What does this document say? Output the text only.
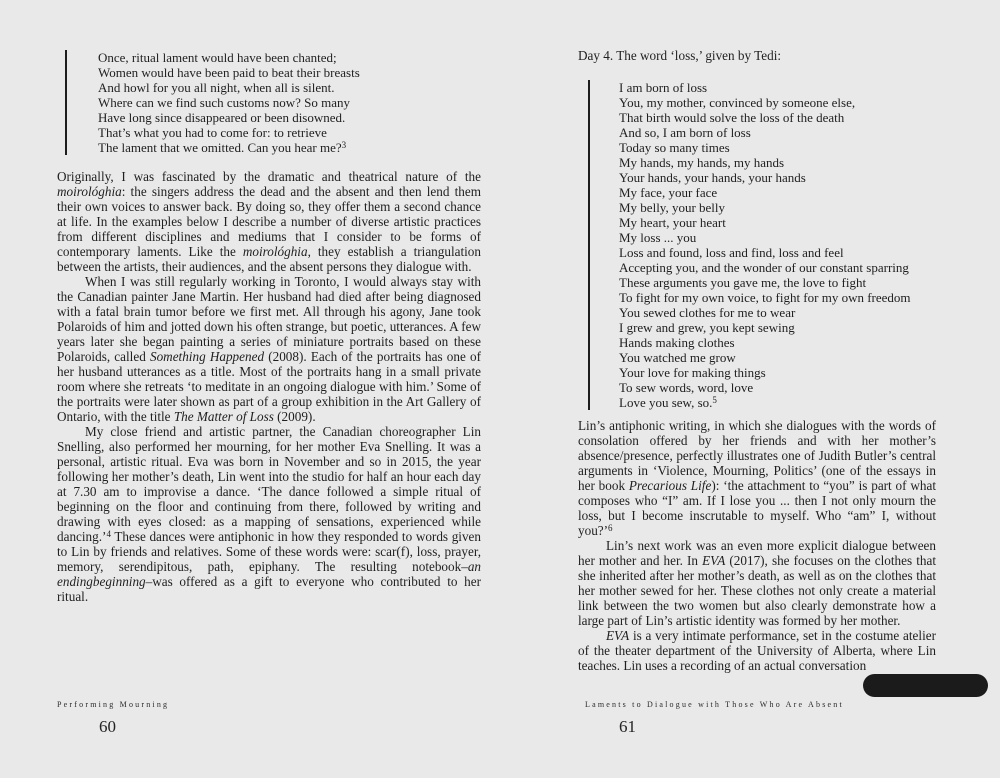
Once, ritual lament would have been chanted;
Women would have been paid to beat their breasts
And howl for you all night, when all is silent.
Where can we find such customs now? So many
Have long since disappeared or been disowned.
That’s what you had to come for: to retrieve
The lament that we omitted. Can you hear me?$^3$

Originally, I was fascinated by the dramatic and theatrical nature of the moirológhia: the singers address the dead and the absent and then lend them their own voices to answer back. By doing so, they offer them a second chance at life. In the examples below I describe a number of diverse artistic practices from different disciplines and mediums that I consider to be forms of contemporary laments. Like the moirológhia, they establish a triangulation between the artists, their audiences, and the absent persons they dialogue with.

When I was still regularly working in Toronto, I would always stay with the Canadian painter Jane Martin. Her husband had died after being diagnosed with a fatal brain tumor before we first met. All through his agony, Jane took Polaroids of him and jotted down his often strange, but poetic, utterances. A few years later she began painting a series of miniature portraits based on these Polaroids, called Something Happened (2008). Each of the portraits has one of her husband utterances as a title. Most of the portraits hang in a small private room where she retreats ‘to meditate in an ongoing dialogue with him.’ Some of the portraits were later shown as part of a group exhibition in the Art Gallery of Ontario, with the title The Matter of Loss (2009).

My close friend and artistic partner, the Canadian choreographer Lin Snelling, also performed her mourning, for her mother Eva Snelling. It was a personal, artistic ritual. Eva was born in November and so in 2015, the year following her mother’s death, Lin went into the studio for half an hour each day at 7.30 am to improvise a dance. ‘The dance followed a simple ritual of beginning on the floor and continuing from there, followed by writing and drawing with eyes closed: as a mapping of sensations, experienced while dancing.’$^4$ These dances were antiphonic in how they responded to words given to Lin by friends and relatives. Some of these words were: scar(f), loss, prayer, memory, serendipitous, path, epiphany. The resulting notebook–an endingbeginning–was offered as a gift to everyone who contributed to her ritual.

Day 4. The word ‘loss,’ given by Tedi:
I am born of loss
You, my mother, convinced by someone else,
That birth would solve the loss of the death
And so, I am born of loss
Today so many times
My hands, my hands, my hands
Your hands, your hands, your hands
My face, your face
My belly, your belly
My heart, your heart
My loss ... you
Loss and found, loss and find, loss and feel
Accepting you, and the wonder of our constant sparring
These arguments you gave me, the love to fight
To fight for my own voice, to fight for my own freedom
You sewed clothes for me to wear
I grew and grew, you kept sewing
Hands making clothes
You watched me grow
Your love for making things
To sew words, word, love
Love you sew, so.$^5$

Lin’s antiphonic writing, in which she dialogues with the words of consolation offered by her friends and with her mother’s absence/presence, perfectly illustrates one of Judith Butler’s central arguments in ‘Violence, Mourning, Politics’ (one of the essays in her book Precarious Life): ‘the attachment to “you” is part of what composes who “I” am. If I lose you ... then I not only mourn the loss, but I become inscrutable to myself. Who “am” I, without you?’$^6$

Lin’s next work was an even more explicit dialogue between her mother and her. In EVA (2017), she focuses on the clothes that she inherited after her mother’s death, as well as on the clothes that her mother sewed for her. These clothes not only create a material link between the two women but also clearly demonstrate how a large part of Lin’s artistic identity was formed by her mother.

EVA is a very intimate performance, set in the costume atelier of the theater department of the University of Alberta, where Lin teaches. Lin uses a recording of an actual conversation

Performing Mourning
60
Laments to Dialogue with Those Who Are Absent
61
